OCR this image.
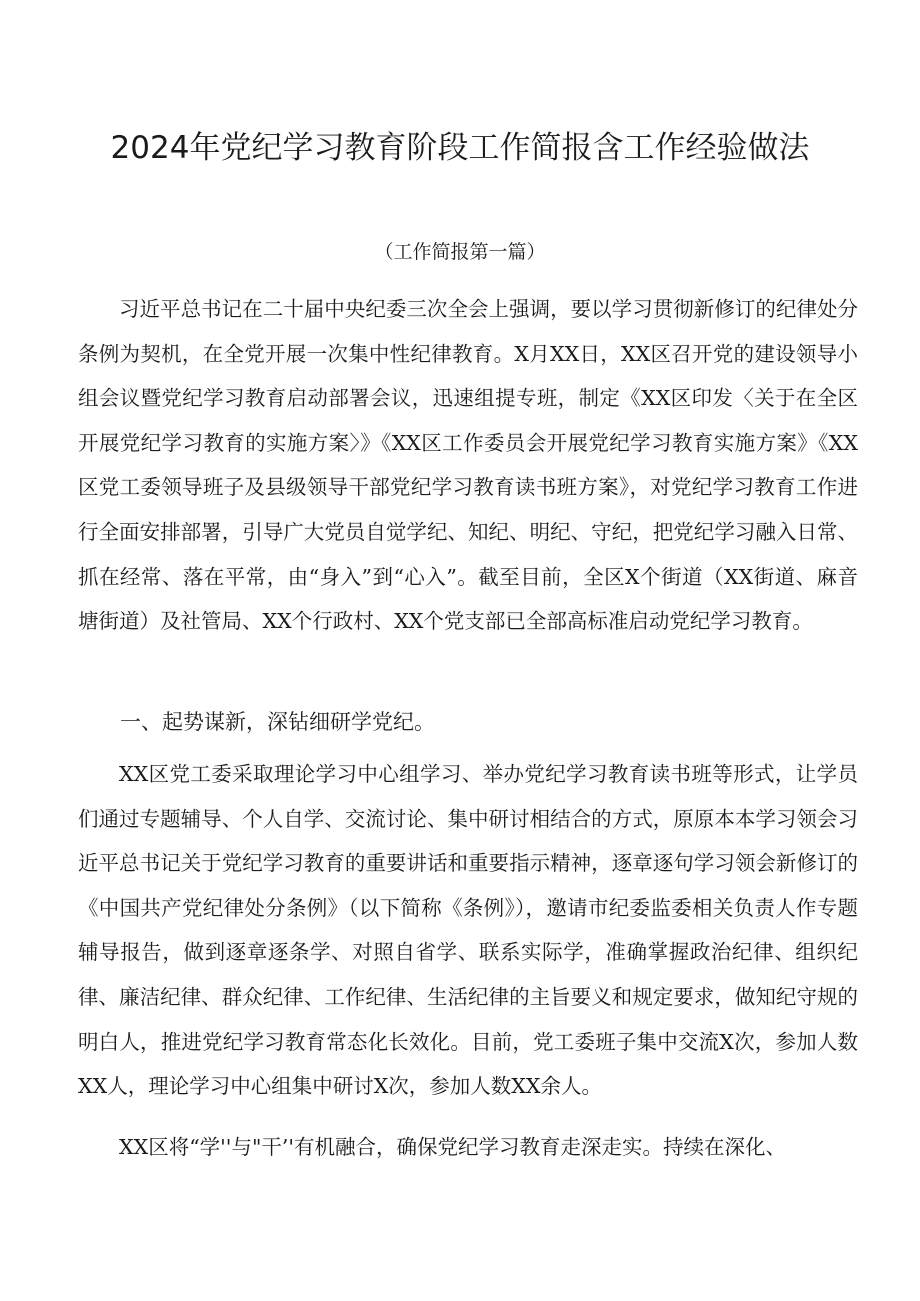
2024年党纪学习教育阶段工作简报含工作经验做法

（工作简报第一篇）

习近平总书记在二十届中央纪委三次全会上强调，要以学习贯彻新修订的纪律处分条例为契机，在全党开展一次集中性纪律教育。X月XX日，XX区召开党的建设领导小组会议暨党纪学习教育启动部署会议，迅速组提专班，制定《XX区印发〈关于在全区开展党纪学习教育的实施方案〉》《XX区工作委员会开展党纪学习教育实施方案》《XX区党工委领导班子及县级领导干部党纪学习教育读书班方案》，对党纪学习教育工作进行全面安排部署，引导广大党员自觉学纪、知纪、明纪、守纪，把党纪学习融入日常、抓在经常、落在平常，由“身入”到“心入”。截至目前，全区X个街道（XX街道、麻音塘街道）及社管局、XX个行政村、XX个党支部已全部高标准启动党纪学习教育。

一、起势谋新，深钻细研学党纪。

XX区党工委采取理论学习中心组学习、举办党纪学习教育读书班等形式，让学员们通过专题辅导、个人自学、交流讨论、集中研讨相结合的方式，原原本本学习领会习近平总书记关于党纪学习教育的重要讲话和重要指示精神，逐章逐句学习领会新修订的《中国共产党纪律处分条例》（以下简称《条例》），邀请市纪委监委相关负责人作专题辅导报告，做到逐章逐条学、对照自省学、联系实际学，准确掌握政治纪律、组织纪律、廉洁纪律、群众纪律、工作纪律、生活纪律的主旨要义和规定要求，做知纪守规的明白人，推进党纪学习教育常态化长效化。目前，党工委班子集中交流X次，参加人数XX人，理论学习中心组集中研讨X次，参加人数XX余人。

XX区将“学''与"干’'有机融合，确保党纪学习教育走深走实。持续在深化、
